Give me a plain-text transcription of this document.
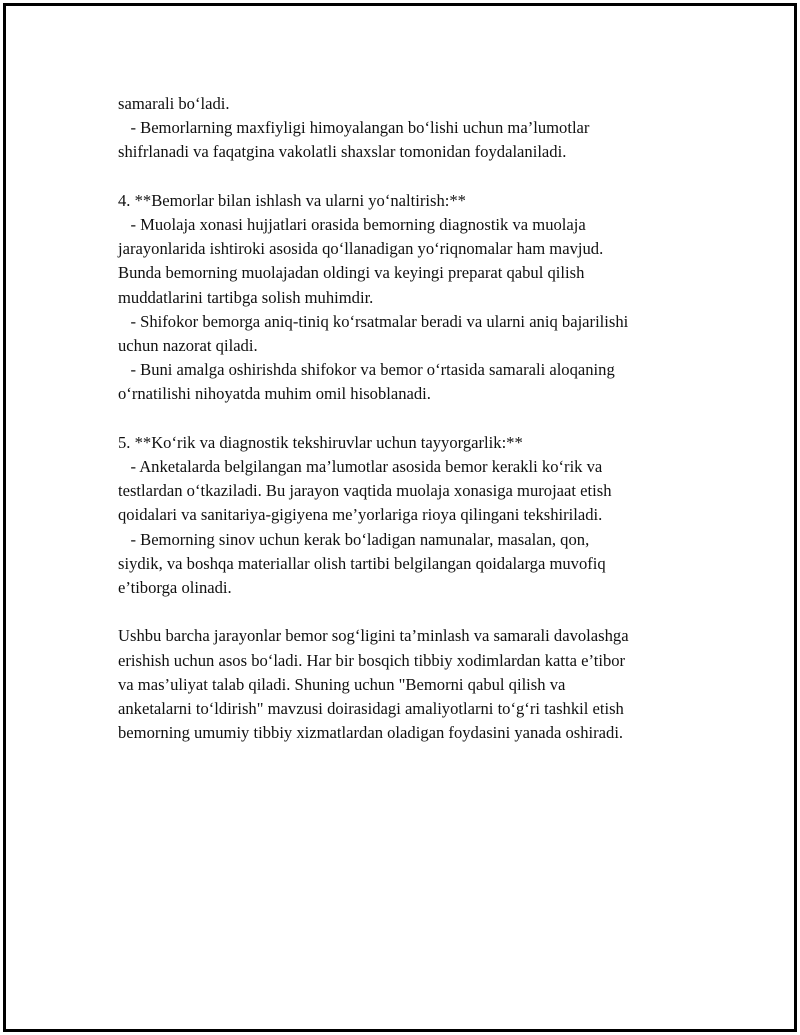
samarali bo‘ladi.
- Bemorlarning maxfiyligi himoyalangan bo‘lishi uchun ma’lumotlar
shifrlanadi va faqatgina vakolatli shaxslar tomonidan foydalaniladi.

4. **Bemorlar bilan ishlash va ularni yo‘naltirish:**
- Muolaja xonasi hujjatlari orasida bemorning diagnostik va muolaja
jarayonlarida ishtiroki asosida qo‘llanadigan yo‘riqnomalar ham mavjud.
Bunda bemorning muolajadan oldingi va keyingi preparat qabul qilish
muddatlarini tartibga solish muhimdir.
- Shifokor bemorga aniq-tiniq ko‘rsatmalar beradi va ularni aniq bajarilishi
uchun nazorat qiladi.
- Buni amalga oshirishda shifokor va bemor o‘rtasida samarali aloqaning
o‘rnatilishi nihoyatda muhim omil hisoblanadi.

5. **Ko‘rik va diagnostik tekshiruvlar uchun tayyorgarlik:**
- Anketalarda belgilangan ma’lumotlar asosida bemor kerakli ko‘rik va
testlardan o‘tkaziladi. Bu jarayon vaqtida muolaja xonasiga murojaat etish
qoidalari va sanitariya-gigiyena me’yorlariga rioya qilingani tekshiriladi.
- Bemorning sinov uchun kerak bo‘ladigan namunalar, masalan, qon,
siydik, va boshqa materiallar olish tartibi belgilangan qoidalarga muvofiq
e’tiborga olinadi.

Ushbu barcha jarayonlar bemor sog‘ligini ta’minlash va samarali davolashga
erishish uchun asos bo‘ladi. Har bir bosqich tibbiy xodimlardan katta e’tibor
va mas’uliyat talab qiladi. Shuning uchun "Bemorni qabul qilish va
anketalarni to‘ldirish" mavzusi doirasidagi amaliyotlarni to‘g‘ri tashkil etish
bemorning umumiy tibbiy xizmatlardan oladigan foydasini yanada oshiradi.
